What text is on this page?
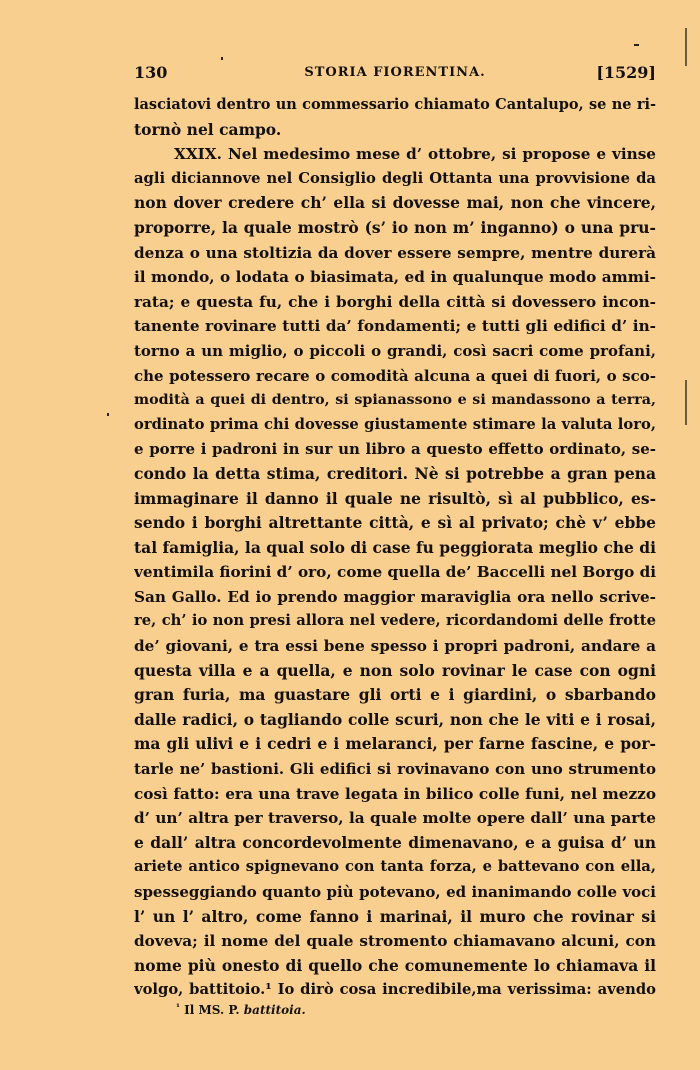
130	STORIA FIORENTINA.	[1529]
lasciatovi dentro un commessario chiamato Cantalupo, se ne ri-
tornò nel campo.
XXIX. Nel medesimo mese d’ ottobre, si propose e vinse
agli diciannove nel Consiglio degli Ottanta una provvisione da
non dover credere ch’ ella si dovesse mai, non che vincere,
proporre, la quale mostrò (s’ io non m’ inganno) o una pru-
denza o una stoltizia da dover essere sempre, mentre durerà
il mondo, o lodata o biasimata, ed in qualunque modo ammi-
rata; e questa fu, che i borghi della città si dovessero incon-
tanente rovinare tutti da’ fondamenti; e tutti gli edifici d’ in-
torno a un miglio, o piccoli o grandi, così sacri come profani,
che potessero recare o comodità alcuna a quei di fuori, o sco-
modità a quei di dentro, si spianassono e si mandassono a terra,
ordinato prima chi dovesse giustamente stimare la valuta loro,
e porre i padroni in sur un libro a questo effetto ordinato, se-
condo la detta stima, creditori. Nè si potrebbe a gran pena
immaginare il danno il quale ne risultò, sì al pubblico, es-
sendo i borghi altrettante città, e sì al privato; chè v’ ebbe
tal famiglia, la qual solo di case fu peggiorata meglio che di
ventimila fiorini d’ oro, come quella de’ Baccelli nel Borgo di
San Gallo. Ed io prendo maggior maraviglia ora nello scrive-
re, ch’ io non presi allora nel vedere, ricordandomi delle frotte
de’ giovani, e tra essi bene spesso i propri padroni, andare a
questa villa e a quella, e non solo rovinar le case con ogni
gran furia, ma guastare gli orti e i giardini, o sbarbando
dalle radici, o tagliando colle scuri, non che le viti e i rosai,
ma gli ulivi e i cedri e i melaranci, per farne fascine, e por-
tarle ne’ bastioni. Gli edifici si rovinavano con uno strumento
così fatto: era una trave legata in bilico colle funi, nel mezzo
d’ un’ altra per traverso, la quale molte opere dall’ una parte
e dall’ altra concordevolmente dimenavano, e a guisa d’ un
ariete antico spignevano con tanta forza, e battevano con ella,
spesseggiando quanto più potevano, ed inanimando colle voci
l’ un l’ altro, come fanno i marinai, il muro che rovinar si
doveva; il nome del quale stromento chiamavano alcuni, con
nome più onesto di quello che comunemente lo chiamava il
volgo, battitoio.¹ Io dirò cosa incredibile,ma verissima: avendo
$^{^1}$ Il MS. P. battitoia.
